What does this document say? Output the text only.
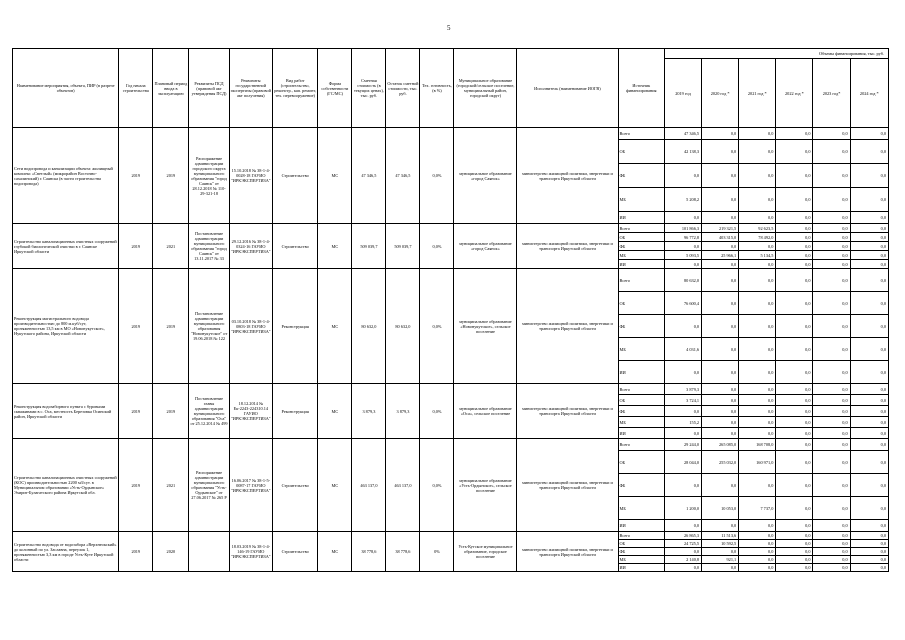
5
Наименование мероприятия, объекта, ПИР (в разрезе объектов)	Год начала строительства	Плановый период ввода в эксплуатацию	Реквизиты ПСД (правовой акт утверждения ПСД)	Реквизиты государственной экспертизы (правовой акт получения)	Вид работ (строительство, реконстр., кап. ремонт, тех. перевооружение)	Форма собственности (ГС/МС)	Сметная стоимость (в текущих ценах), тыс. руб.	Остаток сметной стоимости, тыс. руб.	Тех. готовность, (в %)	Муниципальное образование (городской/сельское поселение, муниципальный район, городской округ)	Исполнитель (наименование ИОГВ)	Источник финансирования	Объемы финансирования, тыс. руб.					
													2019 год	2020 год *	2021 год *	2022 год *	2023 год*	2024 год *
Сети водопровода и канализации объекта: жилищный комплекс «Светлый» (микрорайон Восточно-сахалинский) г. Саянска (в части строительства водопровода)	2019	2019	Распоряжение администрации городского округа муниципального образования "город Саянск" от 28.12.2018 № 110-29-321-18	15.10.2018 № 38-1-4-0028-18 ГАУИО "ИРКЭКСПЕРТИЗА"	Строительство	МС	47 346,5	47 346,5	0,0%	муниципальное образование «город Саянск»	министерство жилищной политики, энергетики и транспорта Иркутской области	Всего	47 346,5	0,0	0,0	0,0	0,0	0,0
												ОБ	42 138,3	0,0	0,0	0,0	0,0	0,0
												ФБ	0,0	0,0	0,0	0,0	0,0	0,0
												МБ	5 208,2	0,0	0,0	0,0	0,0	0,0
												ИИ	0,0	0,0	0,0	0,0	0,0	0,0
Строительство канализационных очистных сооружений глубокой биологической очистки в г. Саянске Иркутской области	2019	2021	Постановление администрации муниципального образования "город Саянск" от 13.11.2017 № 33	29.12.2016 № 38-1-4-0324-16 ГАУИО "ИРКЭКСПЕРТИЗА"	Строительство	МС	509 039,7	509 039,7	0,0%	муниципальное образование «город Саянск»	министерство жилищной политики, энергетики и транспорта Иркутской области	Всего	101 866,3	219 321,5	92 623,5	0,0	0,0	0,0
												ОБ	96 772,8	403 315,0	78 492,0	0,0	0,0	0,0
												ФБ	0,0	0,0	0,0	0,0	0,0	0,0
												МБ	5 093,5	25 966,1	5 134,5	0,0	0,0	0,0
												ИИ	0,0	0,0	0,0	0,0	0,0	0,0
Реконструкция магистрального водовода производительностью до 800 м.куб/сут, протяженностью 13,5 км в МО «Новонукутское», Нукутского района, Иркутской области	2019	2019	Постановление администрации муниципального образования "Новонукутское" от 19.06.2018 № 122	03.10.2018 № 38-1-4-0803-18 ГАУИО "ИРКЭКСПЕРТИЗА"	Реконструкция	МС	80 632,0	80 632,0	0,0%	муниципальное образование «Новонукутское», сельское поселение	министерство жилищной политики, энергетики и транспорта Иркутской области	Всего	80 632,0	0,0	0,0	0,0	0,0	0,0
												ОБ	76 600,4	0,0	0,0	0,0	0,0	0,0
												ФБ	0,0	0,0	0,0	0,0	0,0	0,0
												МБ	4 031,6	0,0	0,0	0,0	0,0	0,0
												ИИ	0,0	0,0	0,0	0,0	0,0	0,0
Реконструкция водозаборного пункта с буровыми скважинами в с. Оса, местность Березовка Осинский район, Иркутской области	2019	2019	Постановление главы администрации муниципального образования "Оса" от 25.12.2014 № 499	18.12.2014 № Ек-2243-224310.14 ГАУИО "ИРКЭКСПЕРТИЗА"	Реконструкция	МС	3 879,3	3 879,3	0,0%	муниципальное образование «Оса», сельское поселение	министерство жилищной политики, энергетики и транспорта Иркутской области	Всего	3 879,3	0,0	0,0	0,0	0,0	0,0
												ОБ	3 724,1	0,0	0,0	0,0	0,0	0,0
												ФБ	0,0	0,0	0,0	0,0	0,0	0,0
												МБ	155,2	0,0	0,0	0,0	0,0	0,0
												ИИ	0,0	0,0	0,0	0,0	0,0	0,0
Строительство канализационных очистных сооружений (КОС) производительностью 2200 м3/сут. в Муниципальном образовании «Усть-Ордынское» Эхирит-Булагатского района Иркутской обл.	2019	2021	Распоряжение администрации муниципального образования "Усть-Ордынское" от 27.06.2017 № 265 Р	16.06.2017 № 38-1-5-0087-17 ГАУИО "ИРКЭКСПЕРТИЗА"	Строительство	МС	463 137,0	463 137,0	0,0%	муниципальное образование «Усть-Ордынское», сельское поселение	министерство жилищной политики, энергетики и транспорта Иркутской области	Всего	29 244,0	265 085,0	168 708,0	0,0	0,0	0,0
												ОБ	28 044,0	255 032,0	160 971,0	0,0	0,0	0,0
												ФБ	0,0	0,0	0,0	0,0	0,0	0,0
												МБ	1 200,0	10 053,0	7 737,0	0,0	0,0	0,0
												ИИ	0,0	0,0	0,0	0,0	0,0	0,0
Строительство водовода от водозабора «Верхнеокский» до колонный по ул. Заславна, переулок 1, протяженностью 3,3 км в городе Усть-Куте Иркутской области	2019	2020		18.03.2019 № 38-1-4-146-19 ГАУИО "ИРКЭКСПЕРТИЗА"	Строительство	МС	38 778,6	38 778,6	0%	Усть-Кутское муниципальное образование, городское поселение	министерство жилищной политики, энергетики и транспорта Иркутской области	Всего	26 865,3	11 513,6	0,0	0,0	0,0	0,0
												ОБ	24 725,5	10 592,5	0,0	0,0	0,0	0,0
												ФБ	0,0	0,0	0,0	0,0	0,0	0,0
												МБ	2 140,8	921,1	0,0	0,0	0,0	0,0
												ИИ	0,0	0,0	0,0	0,0	0,0	0,0
